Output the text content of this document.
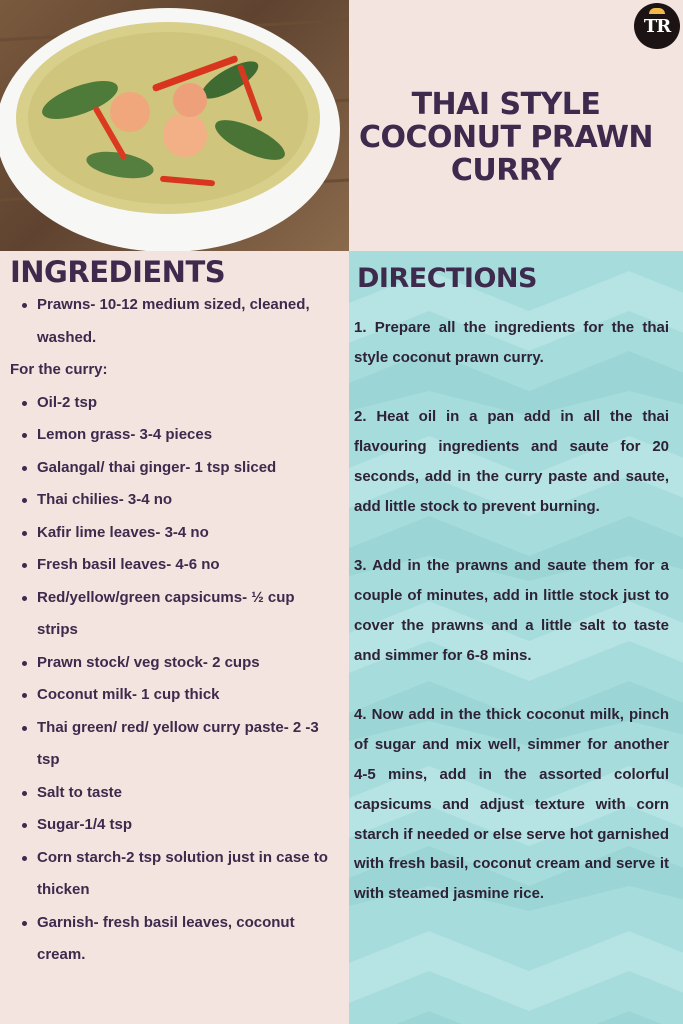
TR
THAI STYLE COCONUT PRAWN CURRY
INGREDIENTS
Prawns- 10-12 medium sized, cleaned, washed.
For the curry:
Oil-2 tsp
Lemon grass- 3-4 pieces
Galangal/ thai ginger- 1 tsp sliced
Thai chilies- 3-4 no
Kafir lime leaves- 3-4 no
Fresh basil leaves- 4-6 no
Red/yellow/green capsicums- ½ cup strips
Prawn stock/ veg stock- 2 cups
Coconut milk- 1 cup thick
Thai green/ red/ yellow curry paste- 2 -3 tsp
Salt to taste
Sugar-1/4 tsp
Corn starch-2 tsp solution just in case to thicken
Garnish- fresh basil leaves, coconut cream.
DIRECTIONS

1. Prepare all the ingredients for the thai style coconut prawn curry.

2. Heat oil in a pan add in all the thai flavouring ingredients and saute for 20 seconds, add in the curry paste and saute, add little stock to prevent burning.

3. Add in the prawns and saute them for a couple of minutes, add in little stock just to cover the prawns and a little salt to taste and simmer for 6-8 mins.

4. Now add in the thick coconut milk, pinch of sugar and mix well, simmer for another 4-5 mins, add in the assorted colorful capsicums and adjust texture with corn starch if needed or else serve hot garnished with fresh basil, coconut cream and serve it with steamed jasmine rice.
